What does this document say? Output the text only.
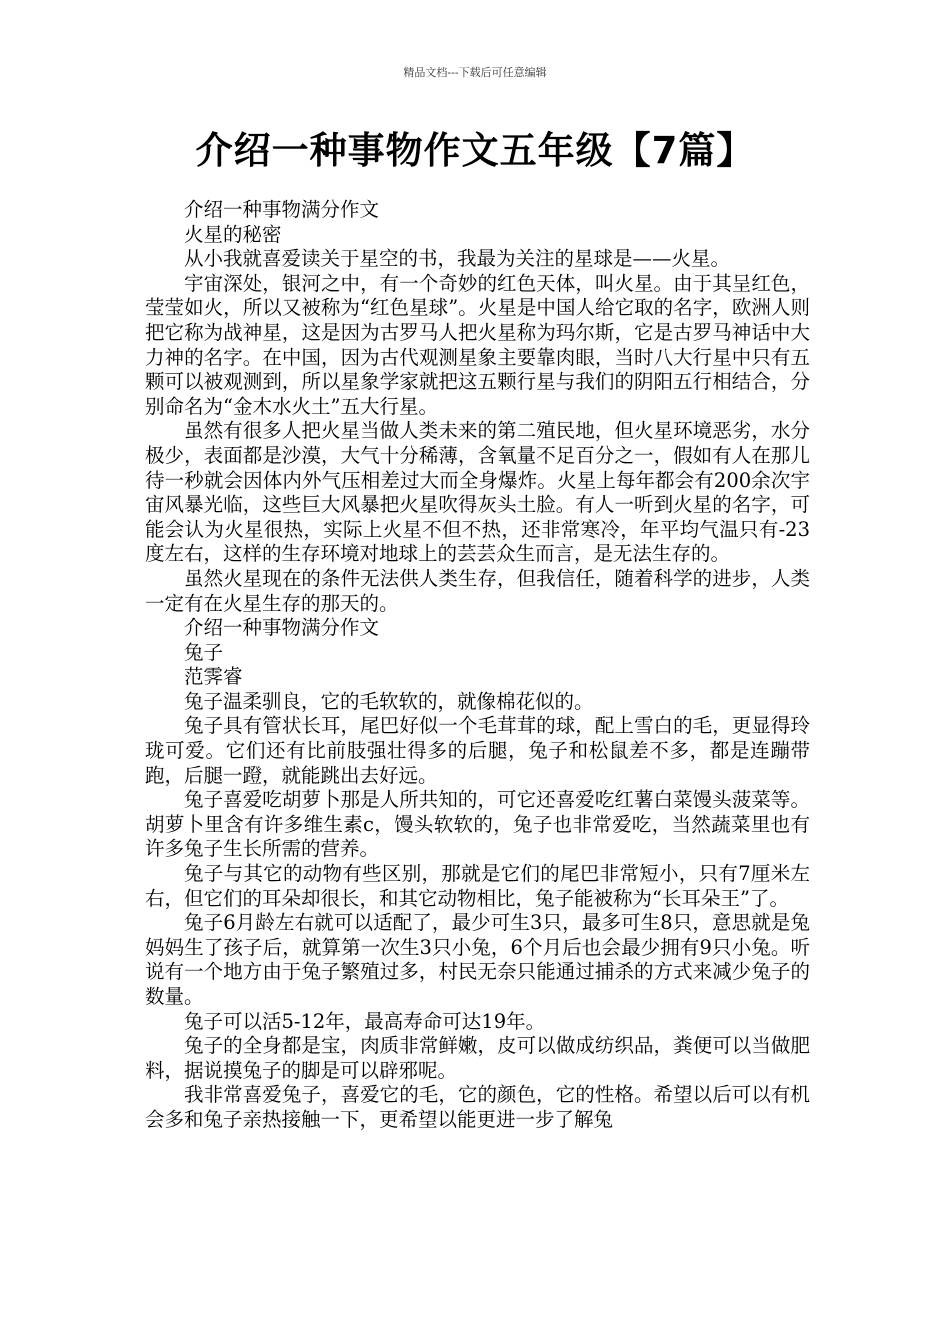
精品文档---下载后可任意编辑
介绍一种事物作文五年级【7篇】

介绍一种事物满分作文

火星的秘密

从小我就喜爱读关于星空的书，我最为关注的星球是——火星。

宇宙深处，银河之中，有一个奇妙的红色天体，叫火星。由于其呈红色，莹莹如火，所以又被称为“红色星球”。火星是中国人给它取的名字，欧洲人则把它称为战神星，这是因为古罗马人把火星称为玛尔斯，它是古罗马神话中大力神的名字。在中国，因为古代观测星象主要靠肉眼，当时八大行星中只有五颗可以被观测到，所以星象学家就把这五颗行星与我们的阴阳五行相结合，分别命名为“金木水火土”五大行星。

虽然有很多人把火星当做人类未来的第二殖民地，但火星环境恶劣，水分极少，表面都是沙漠，大气十分稀薄，含氧量不足百分之一，假如有人在那儿待一秒就会因体内外气压相差过大而全身爆炸。火星上每年都会有200余次宇宙风暴光临，这些巨大风暴把火星吹得灰头土脸。有人一听到火星的名字，可能会认为火星很热，实际上火星不但不热，还非常寒冷，年平均气温只有-23度左右，这样的生存环境对地球上的芸芸众生而言，是无法生存的。

虽然火星现在的条件无法供人类生存，但我信任，随着科学的进步，人类一定有在火星生存的那天的。

介绍一种事物满分作文

兔子

范霁睿

兔子温柔驯良，它的毛软软的，就像棉花似的。

兔子具有管状长耳，尾巴好似一个毛茸茸的球，配上雪白的毛，更显得玲珑可爱。它们还有比前肢强壮得多的后腿，兔子和松鼠差不多，都是连蹦带跑，后腿一蹬，就能跳出去好远。

兔子喜爱吃胡萝卜那是人所共知的，可它还喜爱吃红薯白菜馒头菠菜等。胡萝卜里含有许多维生素c，馒头软软的，兔子也非常爱吃，当然蔬菜里也有许多兔子生长所需的营养。

兔子与其它的动物有些区别，那就是它们的尾巴非常短小，只有7厘米左右，但它们的耳朵却很长，和其它动物相比，兔子能被称为“长耳朵王”了。

兔子6月龄左右就可以适配了，最少可生3只，最多可生8只，意思就是兔妈妈生了孩子后，就算第一次生3只小兔，6个月后也会最少拥有9只小兔。听说有一个地方由于兔子繁殖过多，村民无奈只能通过捕杀的方式来减少兔子的数量。

兔子可以活5-12年，最高寿命可达19年。

兔子的全身都是宝，肉质非常鲜嫩，皮可以做成纺织品，粪便可以当做肥料，据说摸兔子的脚是可以辟邪呢。

我非常喜爱兔子，喜爱它的毛，它的颜色，它的性格。希望以后可以有机会多和兔子亲热接触一下，更希望以能更进一步了解兔
